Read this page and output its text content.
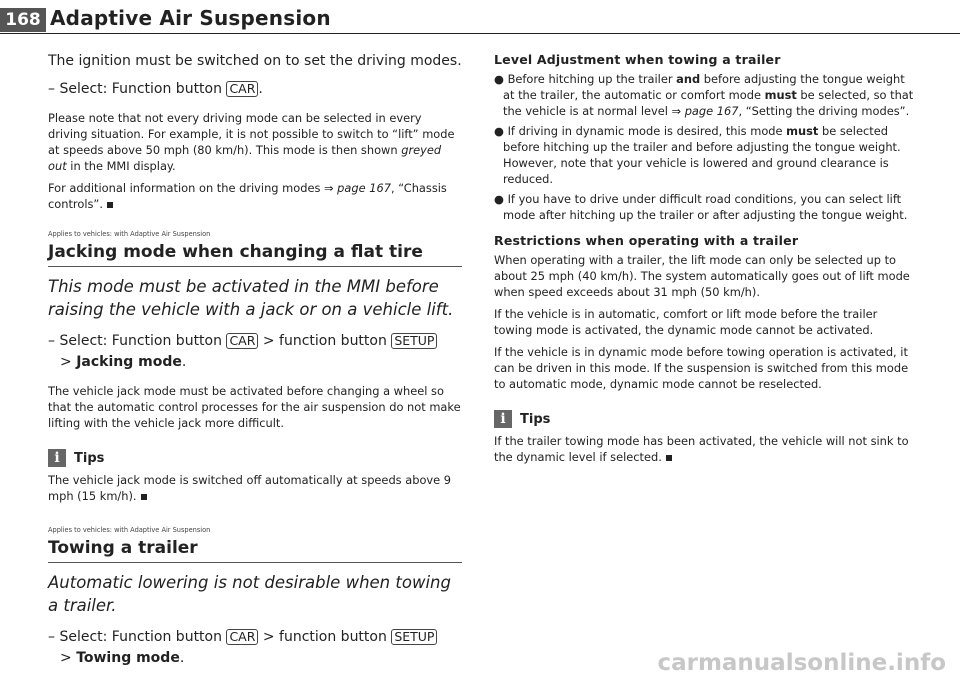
168 Adaptive Air Suspension

The ignition must be switched on to set the driving modes.

– Select: Function button CAR .

Please note that not every driving mode can be selected in every driving situation. For example, it is not possible to switch to “lift” mode at speeds above 50 mph (80 km/h). This mode is then shown greyed out in the MMI display.

For additional information on the driving modes ⇒ page 167, “Chassis controls”.

Applies to vehicles: with Adaptive Air Suspension
Jacking mode when changing a flat tire

This mode must be activated in the MMI before raising the vehicle with a jack or on a vehicle lift.

– Select: Function button CAR > function button SETUP
> Jacking mode.

The vehicle jack mode must be activated before changing a wheel so that the automatic control processes for the air suspension do not make lifting with the vehicle jack more difficult.

i	Tips

The vehicle jack mode is switched off automatically at speeds above 9 mph (15 km/h).

Applies to vehicles: with Adaptive Air Suspension
Towing a trailer

Automatic lowering is not desirable when towing a trailer.

– Select: Function button CAR > function button SETUP
> Towing mode.
Level Adjustment when towing a trailer

● Before hitching up the trailer and before adjusting the tongue weight at the trailer, the automatic or comfort mode must be selected, so that the vehicle is at normal level ⇒ page 167, “Setting the driving modes”.

● If driving in dynamic mode is desired, this mode must be selected before hitching up the trailer and before adjusting the tongue weight. However, note that your vehicle is lowered and ground clearance is reduced.

● If you have to drive under difficult road conditions, you can select lift mode after hitching up the trailer or after adjusting the tongue weight.

Restrictions when operating with a trailer

When operating with a trailer, the lift mode can only be selected up to about 25 mph (40 km/h). The system automatically goes out of lift mode when speed exceeds about 31 mph (50 km/h).

If the vehicle is in automatic, comfort or lift mode before the trailer towing mode is activated, the dynamic mode cannot be activated.

If the vehicle is in dynamic mode before towing operation is activated, it can be driven in this mode. If the suspension is switched from this mode to automatic mode, dynamic mode cannot be reselected.

i	Tips

If the trailer towing mode has been activated, the vehicle will not sink to the dynamic level if selected.

carmanualsonline.info
